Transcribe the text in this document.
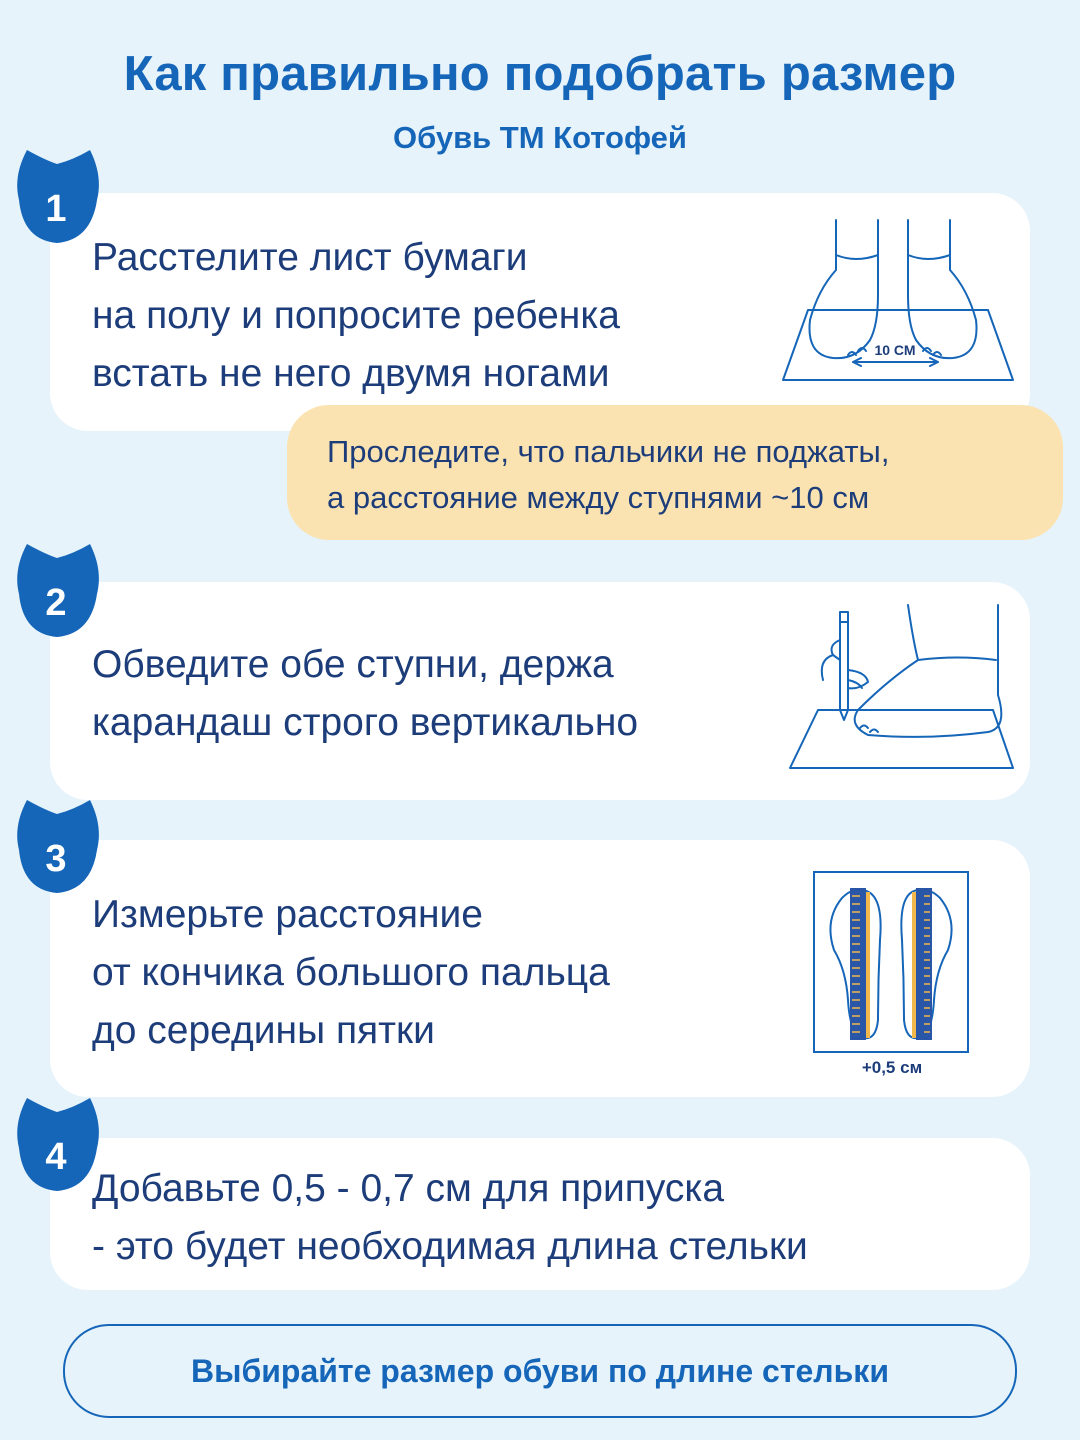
Как правильно подобрать размер
Обувь ТМ Котофей
Расстелите лист бумаги
на полу и попросите ребенка
встать не него двумя ногами
10 СМ
1
Проследите, что пальчики не поджаты,
а расстояние между ступнями ~10 см
Обведите обе ступни, держа
карандаш строго вертикально
2
Измерьте расстояние
от кончика большого пальца
до середины пятки
+0,5 см
3
Добавьте 0,5 - 0,7 см для припуска
- это будет необходимая длина стельки
4
Выбирайте размер обуви по длине стельки
